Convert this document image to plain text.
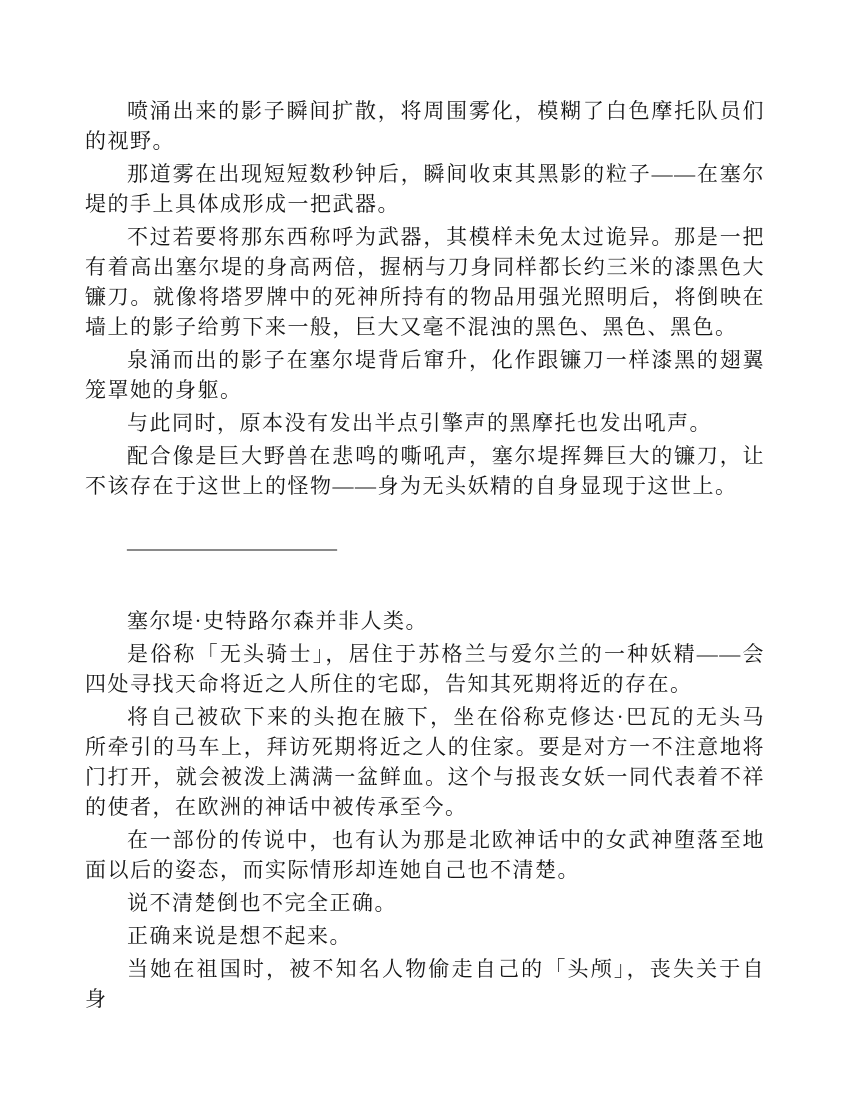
喷涌出来的影子瞬间扩散，将周围雾化，模糊了白色摩托队员们的视野。

那道雾在出现短短数秒钟后，瞬间收束其黑影的粒子——在塞尔堤的手上具体成形成一把武器。

不过若要将那东西称呼为武器，其模样未免太过诡异。那是一把有着高出塞尔堤的身高两倍，握柄与刀身同样都长约三米的漆黑色大镰刀。就像将塔罗牌中的死神所持有的物品用强光照明后，将倒映在墙上的影子给剪下来一般，巨大又毫不混浊的黑色、黑色、黑色。

泉涌而出的影子在塞尔堤背后窜升，化作跟镰刀一样漆黑的翅翼笼罩她的身躯。

与此同时，原本没有发出半点引擎声的黑摩托也发出吼声。

配合像是巨大野兽在悲鸣的嘶吼声，塞尔堤挥舞巨大的镰刀，让不该存在于这世上的怪物——身为无头妖精的自身显现于这世上。

——————————

塞尔堤·史特路尔森并非人类。

是俗称「无头骑士」，居住于苏格兰与爱尔兰的一种妖精——会四处寻找天命将近之人所住的宅邸，告知其死期将近的存在。

将自己被砍下来的头抱在腋下，坐在俗称克修达·巴瓦的无头马所牵引的马车上，拜访死期将近之人的住家。要是对方一不注意地将门打开，就会被泼上满满一盆鲜血。这个与报丧女妖一同代表着不祥的使者，在欧洲的神话中被传承至今。

在一部份的传说中，也有认为那是北欧神话中的女武神堕落至地面以后的姿态，而实际情形却连她自己也不清楚。

说不清楚倒也不完全正确。

正确来说是想不起来。

当她在祖国时，被不知名人物偷走自己的「头颅」，丧失关于自身
